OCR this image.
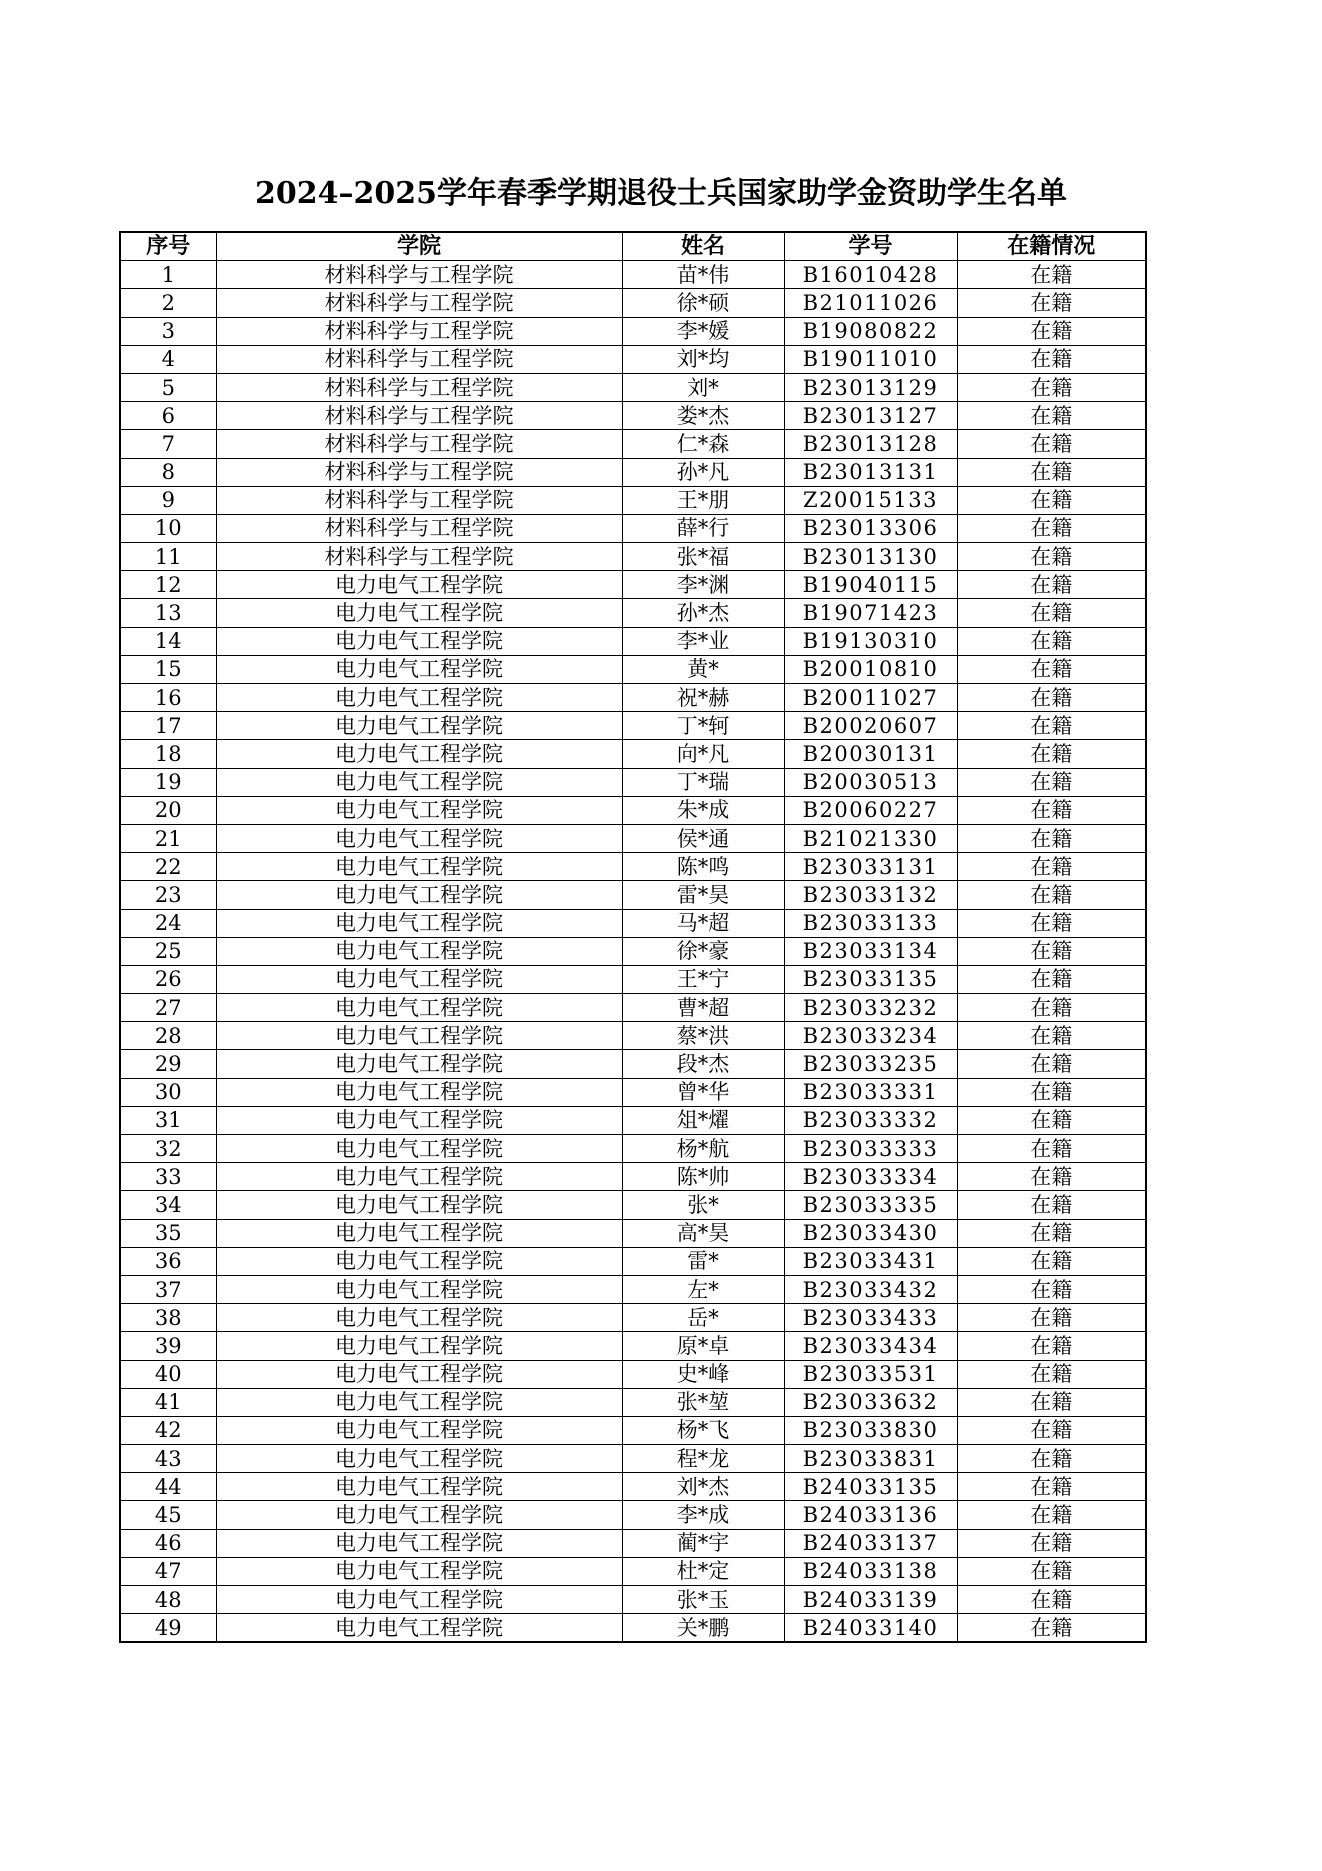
2024–2025学年春季学期退役士兵国家助学金资助学生名单
序号	学院	姓名	学号	在籍情况
1	材料科学与工程学院	苗*伟	B16010428	在籍
2	材料科学与工程学院	徐*硕	B21011026	在籍
3	材料科学与工程学院	李*媛	B19080822	在籍
4	材料科学与工程学院	刘*均	B19011010	在籍
5	材料科学与工程学院	刘*	B23013129	在籍
6	材料科学与工程学院	娄*杰	B23013127	在籍
7	材料科学与工程学院	仁*森	B23013128	在籍
8	材料科学与工程学院	孙*凡	B23013131	在籍
9	材料科学与工程学院	王*朋	Z20015133	在籍
10	材料科学与工程学院	薛*行	B23013306	在籍
11	材料科学与工程学院	张*福	B23013130	在籍
12	电力电气工程学院	李*渊	B19040115	在籍
13	电力电气工程学院	孙*杰	B19071423	在籍
14	电力电气工程学院	李*业	B19130310	在籍
15	电力电气工程学院	黄*	B20010810	在籍
16	电力电气工程学院	祝*赫	B20011027	在籍
17	电力电气工程学院	丁*轲	B20020607	在籍
18	电力电气工程学院	向*凡	B20030131	在籍
19	电力电气工程学院	丁*瑞	B20030513	在籍
20	电力电气工程学院	朱*成	B20060227	在籍
21	电力电气工程学院	侯*通	B21021330	在籍
22	电力电气工程学院	陈*鸣	B23033131	在籍
23	电力电气工程学院	雷*昊	B23033132	在籍
24	电力电气工程学院	马*超	B23033133	在籍
25	电力电气工程学院	徐*豪	B23033134	在籍
26	电力电气工程学院	王*宁	B23033135	在籍
27	电力电气工程学院	曹*超	B23033232	在籍
28	电力电气工程学院	蔡*洪	B23033234	在籍
29	电力电气工程学院	段*杰	B23033235	在籍
30	电力电气工程学院	曾*华	B23033331	在籍
31	电力电气工程学院	俎*燿	B23033332	在籍
32	电力电气工程学院	杨*航	B23033333	在籍
33	电力电气工程学院	陈*帅	B23033334	在籍
34	电力电气工程学院	张*	B23033335	在籍
35	电力电气工程学院	高*昊	B23033430	在籍
36	电力电气工程学院	雷*	B23033431	在籍
37	电力电气工程学院	左*	B23033432	在籍
38	电力电气工程学院	岳*	B23033433	在籍
39	电力电气工程学院	原*卓	B23033434	在籍
40	电力电气工程学院	史*峰	B23033531	在籍
41	电力电气工程学院	张*堃	B23033632	在籍
42	电力电气工程学院	杨*飞	B23033830	在籍
43	电力电气工程学院	程*龙	B23033831	在籍
44	电力电气工程学院	刘*杰	B24033135	在籍
45	电力电气工程学院	李*成	B24033136	在籍
46	电力电气工程学院	蔺*宇	B24033137	在籍
47	电力电气工程学院	杜*定	B24033138	在籍
48	电力电气工程学院	张*玉	B24033139	在籍
49	电力电气工程学院	关*鹏	B24033140	在籍
